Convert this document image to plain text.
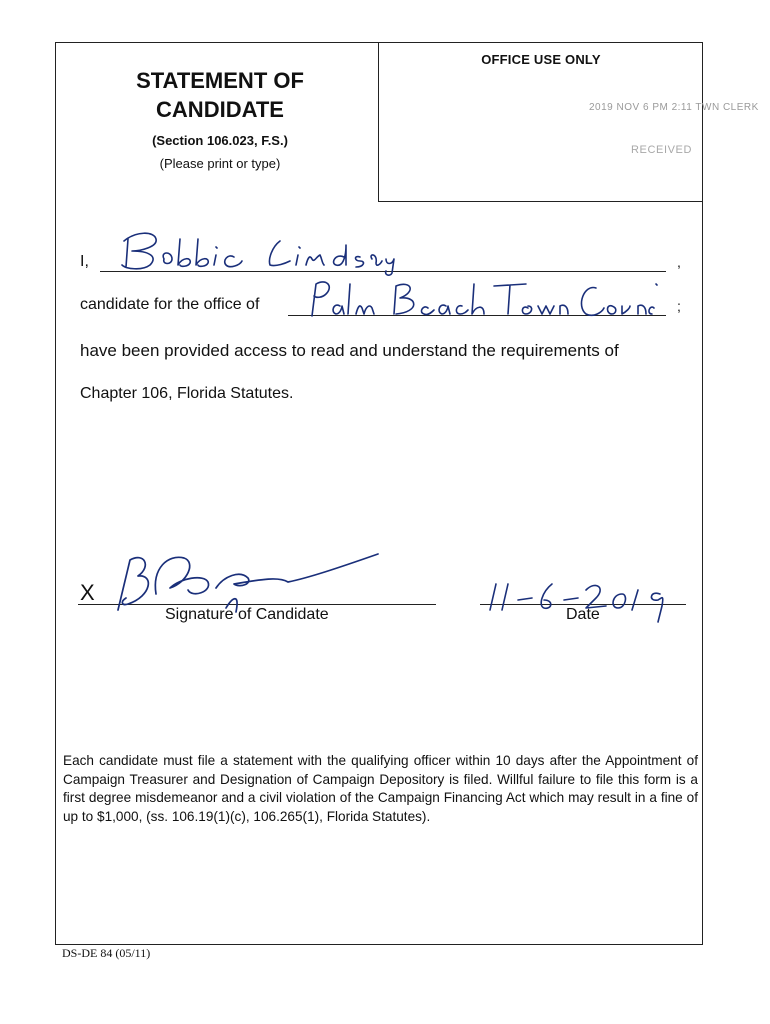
OFFICE USE ONLY
2019 NOV 6 PM 2:11 TWN CLERK
RECEIVED
STATEMENT OF
CANDIDATE
(Section 106.023, F.S.)
(Please print or type)
I,	,
candidate for the office of	;
have been provided access to read and understand the requirements of
Chapter 106, Florida Statutes.
X
Signature of Candidate	Date
Each candidate must file a statement with the qualifying officer within 10 days after the Appointment of Campaign Treasurer and Designation of Campaign Depository is filed. Willful failure to file this form is a first degree misdemeanor and a civil violation of the Campaign Financing Act which may result in a fine of up to $1,000, (ss. 106.19(1)(c), 106.265(1), Florida Statutes).
DS-DE 84 (05/11)
